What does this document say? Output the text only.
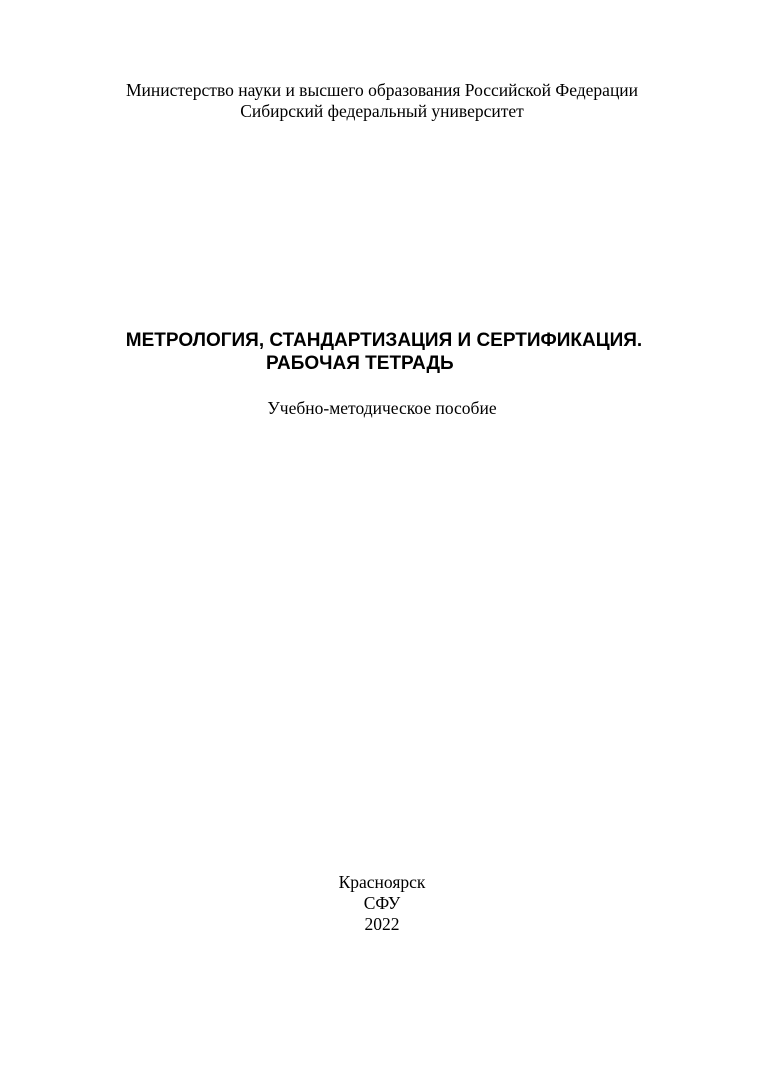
Министерство науки и высшего образования Российской Федерации
Сибирский федеральный университет
МЕТРОЛОГИЯ, СТАНДАРТИЗАЦИЯ И СЕРТИФИКАЦИЯ.
РАБОЧАЯ ТЕТРАДЬ
Учебно-методическое пособие
Красноярск
СФУ
2022
